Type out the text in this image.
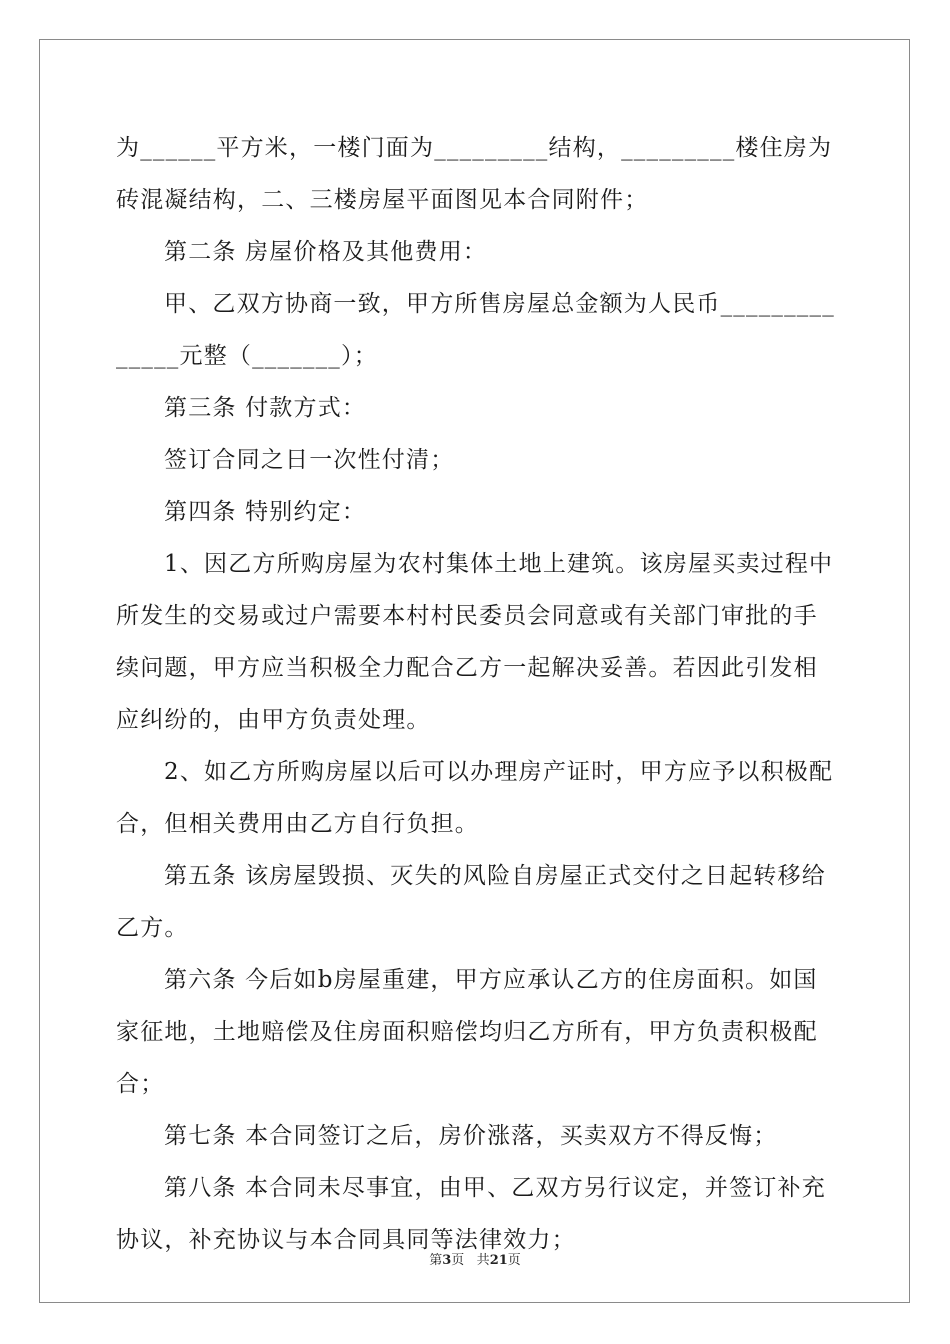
为______平方米，一楼门面为_________结构，_________楼住房为砖混凝结构，二、三楼房屋平面图见本合同附件；

第二条 房屋价格及其他费用：

甲、乙双方协商一致，甲方所售房屋总金额为人民币______________元整（_______）；

第三条 付款方式：

签订合同之日一次性付清；

第四条 特别约定：

1、因乙方所购房屋为农村集体土地上建筑。该房屋买卖过程中所发生的交易或过户需要本村村民委员会同意或有关部门审批的手续问题，甲方应当积极全力配合乙方一起解决妥善。若因此引发相应纠纷的，由甲方负责处理。

2、如乙方所购房屋以后可以办理房产证时，甲方应予以积极配合，但相关费用由乙方自行负担。

第五条 该房屋毁损、灭失的风险自房屋正式交付之日起转移给乙方。

第六条 今后如b房屋重建，甲方应承认乙方的住房面积。如国家征地，土地赔偿及住房面积赔偿均归乙方所有，甲方负责积极配合；

第七条 本合同签订之后，房价涨落，买卖双方不得反悔；

第八条 本合同未尽事宜，由甲、乙双方另行议定，并签订补充协议，补充协议与本合同具同等法律效力；

第3页 共21页
